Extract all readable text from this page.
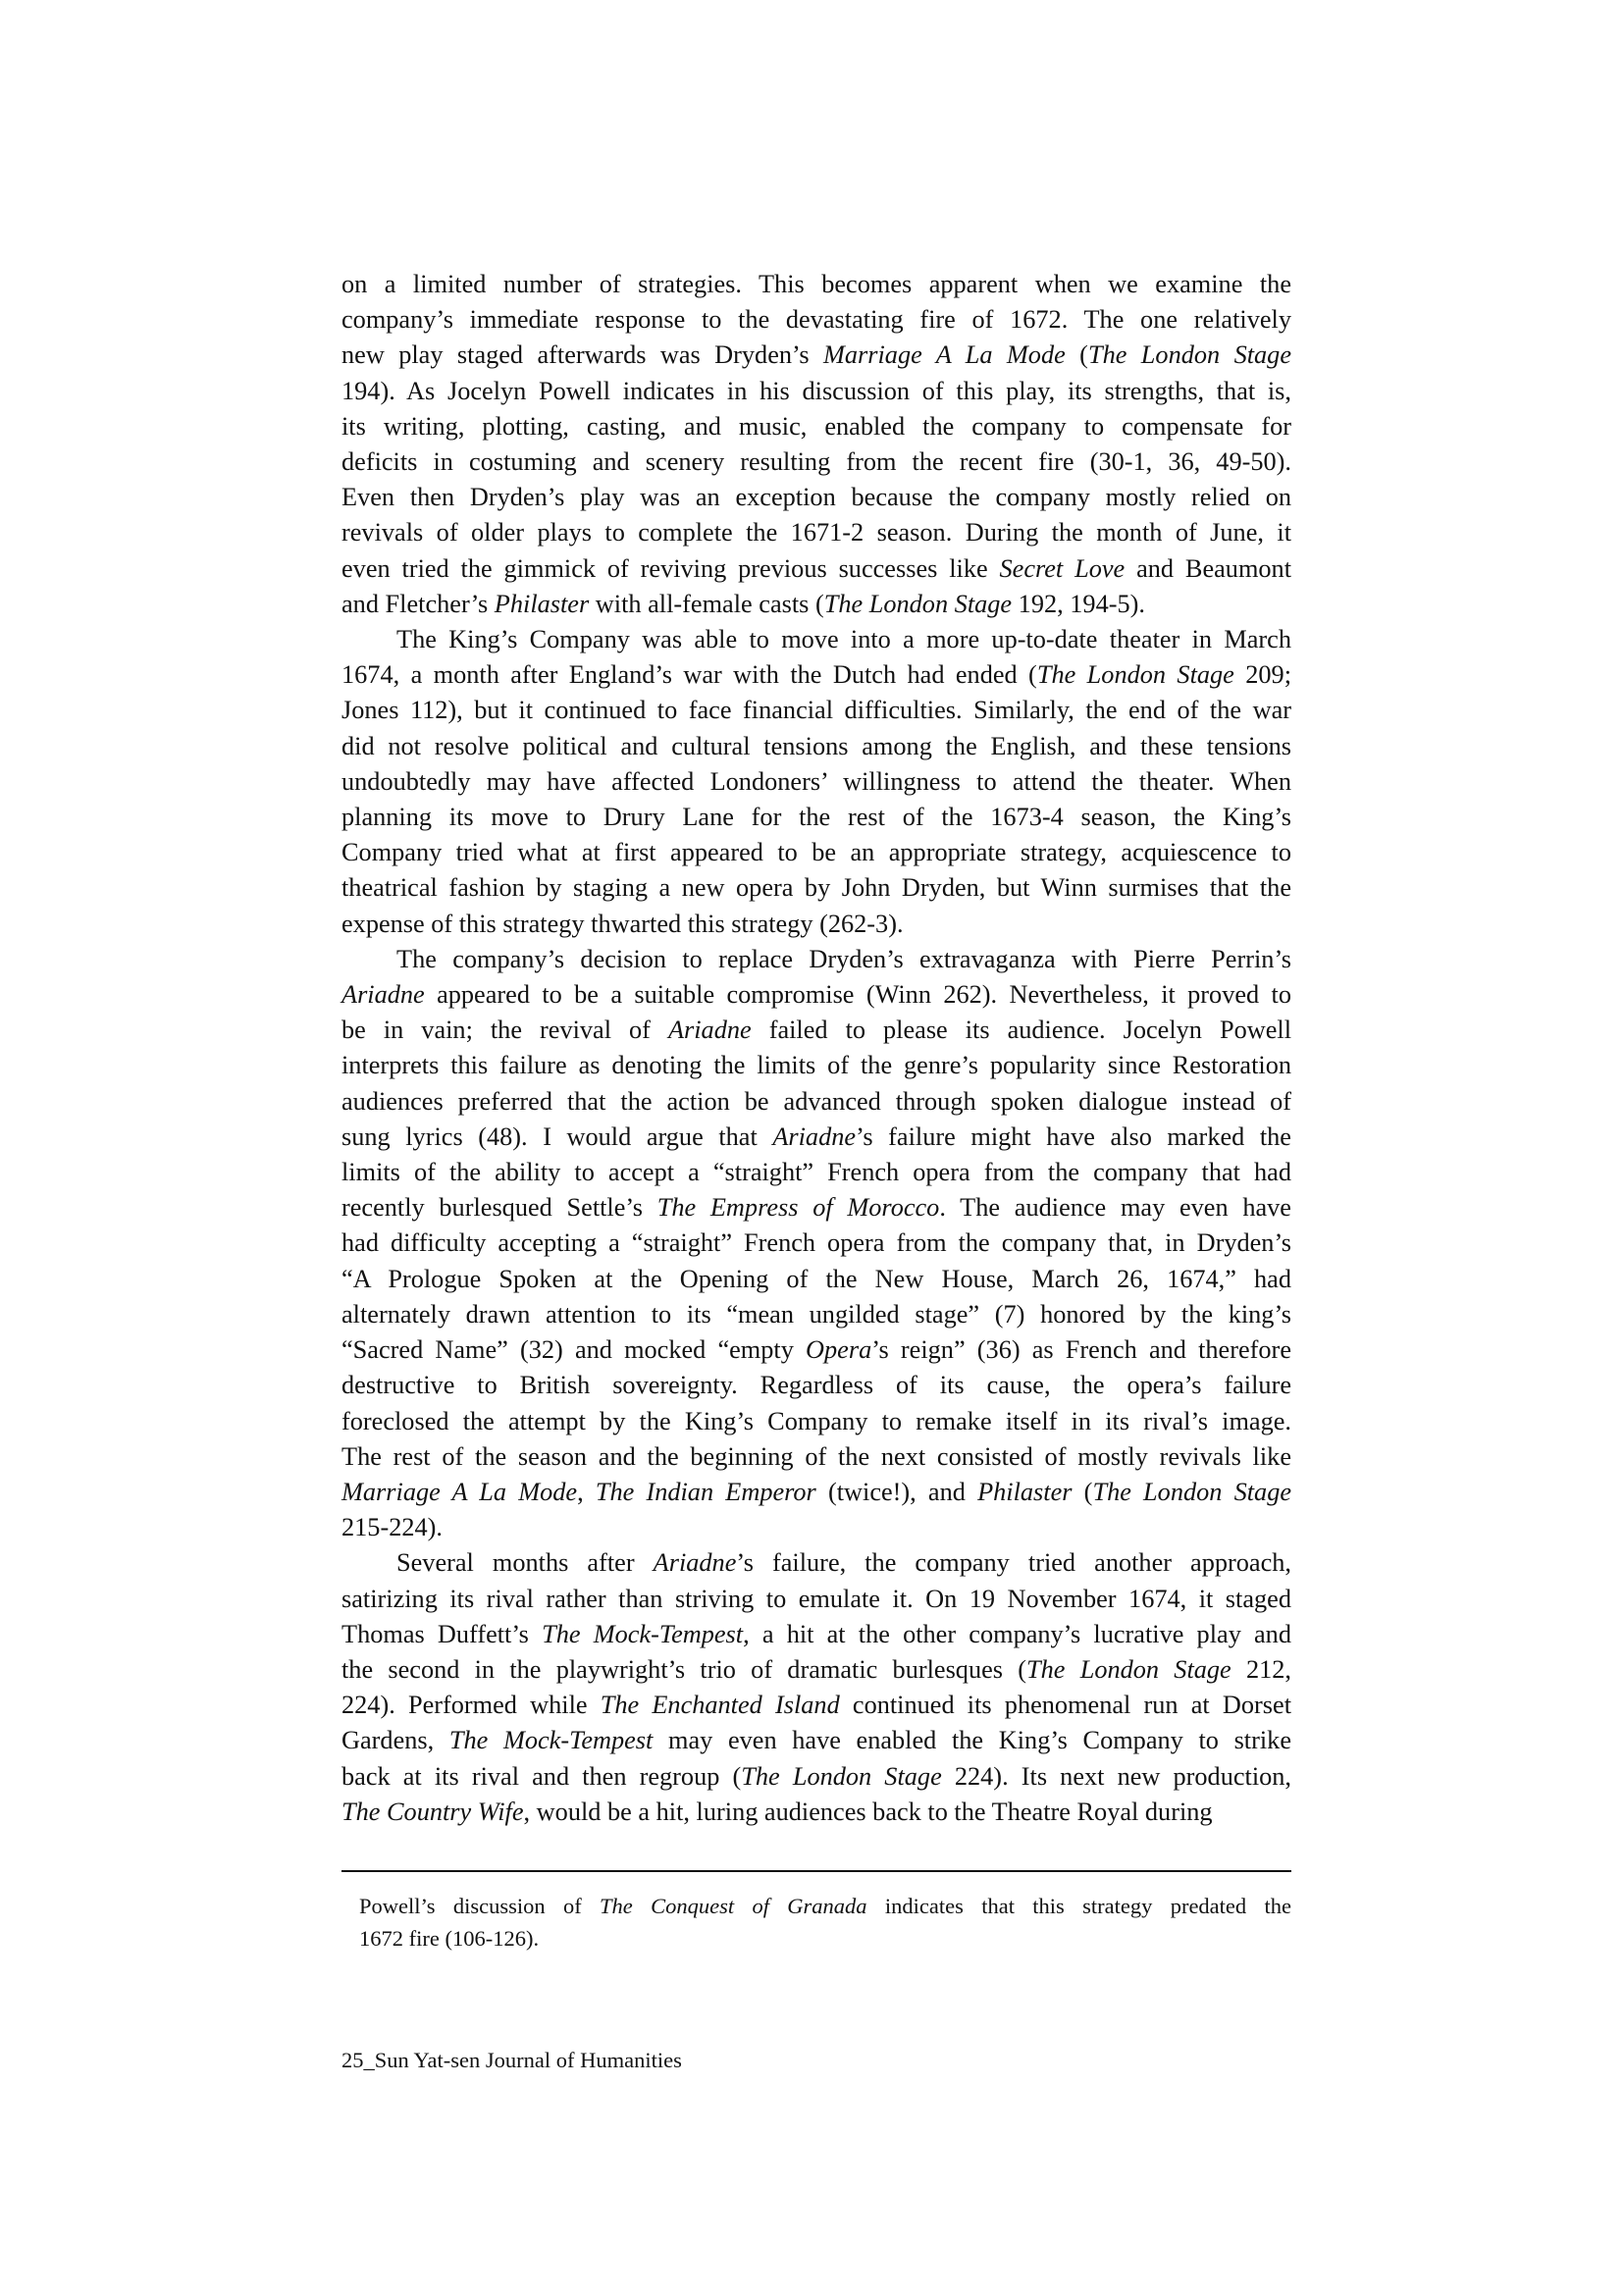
on a limited number of strategies. This becomes apparent when we examine the
company’s immediate response to the devastating fire of 1672. The one relatively
new play staged afterwards was Dryden’s Marriage A La Mode (The London Stage
194). As Jocelyn Powell indicates in his discussion of this play, its strengths, that is,
its writing, plotting, casting, and music, enabled the company to compensate for
deficits in costuming and scenery resulting from the recent fire (30-1, 36, 49-50).
Even then Dryden’s play was an exception because the company mostly relied on
revivals of older plays to complete the 1671-2 season. During the month of June, it
even tried the gimmick of reviving previous successes like Secret Love and Beaumont
and Fletcher’s Philaster with all-female casts (The London Stage 192, 194-5).
The King’s Company was able to move into a more up-to-date theater in March
1674, a month after England’s war with the Dutch had ended (The London Stage 209;
Jones 112), but it continued to face financial difficulties. Similarly, the end of the war
did not resolve political and cultural tensions among the English, and these tensions
undoubtedly may have affected Londoners’ willingness to attend the theater. When
planning its move to Drury Lane for the rest of the 1673-4 season, the King’s
Company tried what at first appeared to be an appropriate strategy, acquiescence to
theatrical fashion by staging a new opera by John Dryden, but Winn surmises that the
expense of this strategy thwarted this strategy (262-3).
The company’s decision to replace Dryden’s extravaganza with Pierre Perrin’s
Ariadne appeared to be a suitable compromise (Winn 262). Nevertheless, it proved to
be in vain; the revival of Ariadne failed to please its audience. Jocelyn Powell
interprets this failure as denoting the limits of the genre’s popularity since Restoration
audiences preferred that the action be advanced through spoken dialogue instead of
sung lyrics (48). I would argue that Ariadne’s failure might have also marked the
limits of the ability to accept a “straight” French opera from the company that had
recently burlesqued Settle’s The Empress of Morocco. The audience may even have
had difficulty accepting a “straight” French opera from the company that, in Dryden’s
“A Prologue Spoken at the Opening of the New House, March 26, 1674,” had
alternately drawn attention to its “mean ungilded stage” (7) honored by the king’s
“Sacred Name” (32) and mocked “empty Opera’s reign” (36) as French and therefore
destructive to British sovereignty. Regardless of its cause, the opera’s failure
foreclosed the attempt by the King’s Company to remake itself in its rival’s image.
The rest of the season and the beginning of the next consisted of mostly revivals like
Marriage A La Mode, The Indian Emperor (twice!), and Philaster (The London Stage
215-224).
Several months after Ariadne’s failure, the company tried another approach,
satirizing its rival rather than striving to emulate it. On 19 November 1674, it staged
Thomas Duffett’s The Mock-Tempest, a hit at the other company’s lucrative play and
the second in the playwright’s trio of dramatic burlesques (The London Stage 212,
224). Performed while The Enchanted Island continued its phenomenal run at Dorset
Gardens, The Mock-Tempest may even have enabled the King’s Company to strike
back at its rival and then regroup (The London Stage 224). Its next new production,
The Country Wife, would be a hit, luring audiences back to the Theatre Royal during
Powell’s discussion of The Conquest of Granada indicates that this strategy predated the
1672 fire (106-126).
25_Sun Yat-sen Journal of Humanities
